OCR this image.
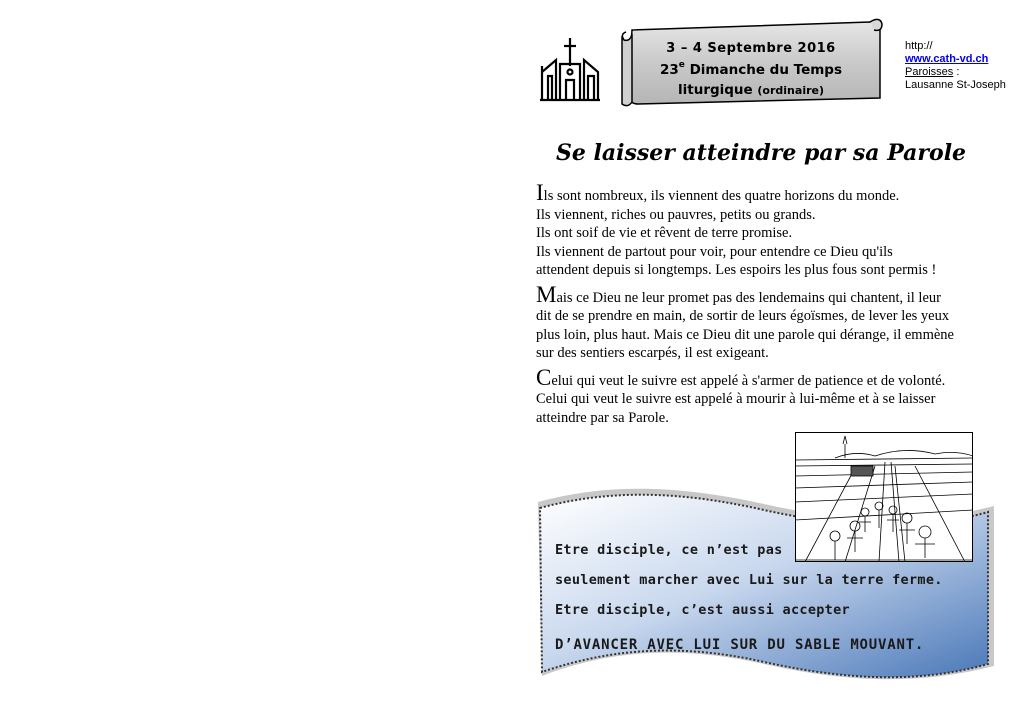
3 – 4 Septembre 2016
23e Dimanche du Temps
liturgique (ordinaire)
http://
www.cath-vd.ch
Paroisses :
Lausanne St-Joseph
Se laisser atteindre par sa Parole

Ils sont nombreux, ils viennent des quatre horizons du monde.
Ils viennent, riches ou pauvres, petits ou grands.
Ils ont soif de vie et rêvent de terre promise.
Ils viennent de partout pour voir, pour entendre ce Dieu qu'ils
attendent depuis si longtemps. Les espoirs les plus fous sont permis !

Mais ce Dieu ne leur promet pas des lendemains qui chantent, il leur
dit de se prendre en main, de sortir de leurs égoïsmes, de lever les yeux
plus loin, plus haut. Mais ce Dieu dit une parole qui dérange, il emmène
sur des sentiers escarpés, il est exigeant.

Celui qui veut le suivre est appelé à s'armer de patience et de volonté.
Celui qui veut le suivre est appelé à mourir à lui-même et à se laisser
atteindre par sa Parole.

Etre disciple, ce n’est pas
seulement marcher avec Lui sur la terre ferme.
Etre disciple, c’est aussi accepter
D’AVANCER AVEC LUI SUR DU SABLE MOUVANT.
